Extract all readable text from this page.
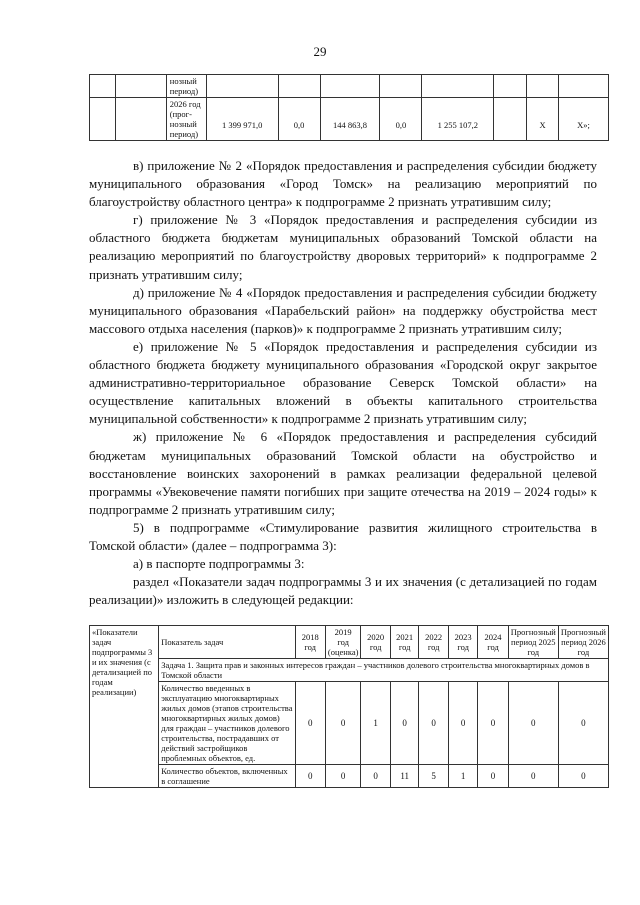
29
		нозный период)								

		2026 год
(прог-
нозный
период)	1 399 971,0	0,0	144 863,8	0,0	1 255 107,2		Х	Х»;

в) приложение № 2 «Порядок предоставления и распределения субсидии бюджету муниципального образования «Город Томск» на реализацию мероприятий по благоустройству областного центра» к подпрограмме 2 признать утратившим силу;

г) приложение № 3 «Порядок предоставления и распределения субсидии из областного бюджета бюджетам муниципальных образований Томской области на реализацию мероприятий по благоустройству дворовых территорий» к подпрограмме 2 признать утратившим силу;

д) приложение № 4 «Порядок предоставления и распределения субсидии бюджету муниципального образования «Парабельский район» на поддержку обустройства мест массового отдыха населения (парков)» к подпрограмме 2 признать утратившим силу;

е) приложение № 5 «Порядок предоставления и распределения субсидии из областного бюджета бюджету муниципального образования «Городской округ закрытое административно-территориальное образование Северск Томской области» на осуществление капитальных вложений в объекты капитального строительства муниципальной собственности» к подпрограмме 2 признать утратившим силу;

ж) приложение № 6 «Порядок предоставления и распределения субсидий бюджетам муниципальных образований Томской области на обустройство и восстановление воинских захоронений в рамках реализации федеральной целевой программы «Увековечение памяти погибших при защите отечества на 2019 – 2024 годы» к подпрограмме 2 признать утратившим силу;

5) в подпрограмме «Стимулирование развития жилищного строительства в Томской области» (далее – подпрограмма 3):

а) в паспорте подпрограммы 3:

раздел «Показатели задач подпрограммы 3 и их значения (с детализацией по годам реализации)» изложить в следующей редакции:

«Показатели задач подпрограммы 3 и их значения (с детализацией по годам реализации)	Показатель задач	2018 год	2019 год (оценка)	2020 год	2021 год	2022 год	2023 год	2024 год	Прогнозный период 2025 год	Прогнозный период 2026 год
	Задача 1. Защита прав и законных интересов граждан – участников долевого строительства многоквартирных домов в Томской области									
	Количество введенных в эксплуатацию многоквартирных жилых домов (этапов строительства многоквартирных жилых домов) для граждан – участников долевого строительства, пострадавших от действий застройщиков проблемных объектов, ед.	0	0	1	0	0	0	0	0	0
	Количество объектов, включенных в соглашение	0	0	0	11	5	1	0	0	0
